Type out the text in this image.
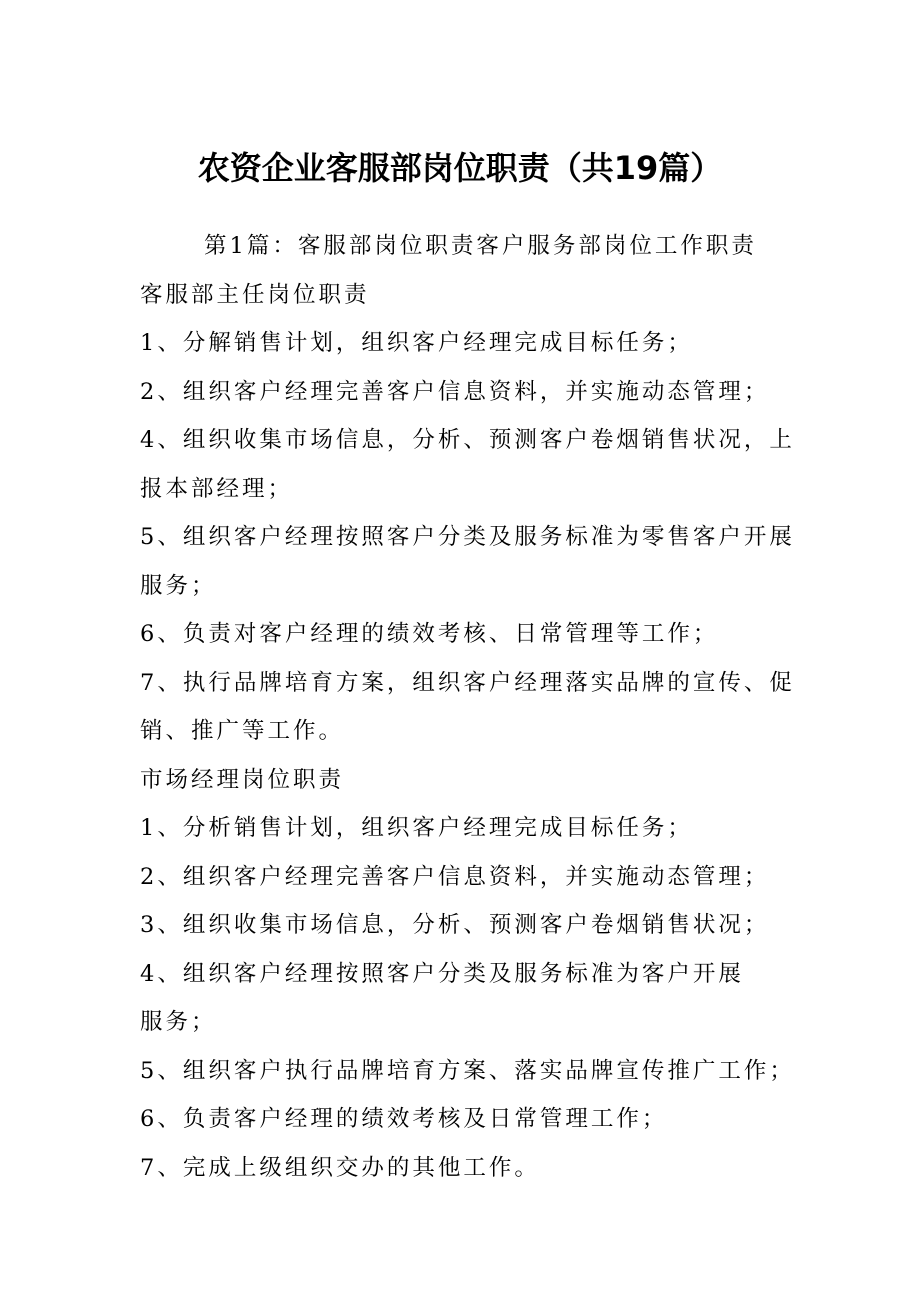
农资企业客服部岗位职责（共19篇）
第1篇：客服部岗位职责客户服务部岗位工作职责
客服部主任岗位职责
1、分解销售计划，组织客户经理完成目标任务；
2、组织客户经理完善客户信息资料，并实施动态管理；
4、组织收集市场信息，分析、预测客户卷烟销售状况，上
报本部经理；
5、组织客户经理按照客户分类及服务标准为零售客户开展
服务；
6、负责对客户经理的绩效考核、日常管理等工作；
7、执行品牌培育方案，组织客户经理落实品牌的宣传、促
销、推广等工作。
市场经理岗位职责
1、分析销售计划，组织客户经理完成目标任务；
2、组织客户经理完善客户信息资料，并实施动态管理；
3、组织收集市场信息，分析、预测客户卷烟销售状况；
4、组织客户经理按照客户分类及服务标准为客户开展
服务；
5、组织客户执行品牌培育方案、落实品牌宣传推广工作；
6、负责客户经理的绩效考核及日常管理工作；
7、完成上级组织交办的其他工作。
